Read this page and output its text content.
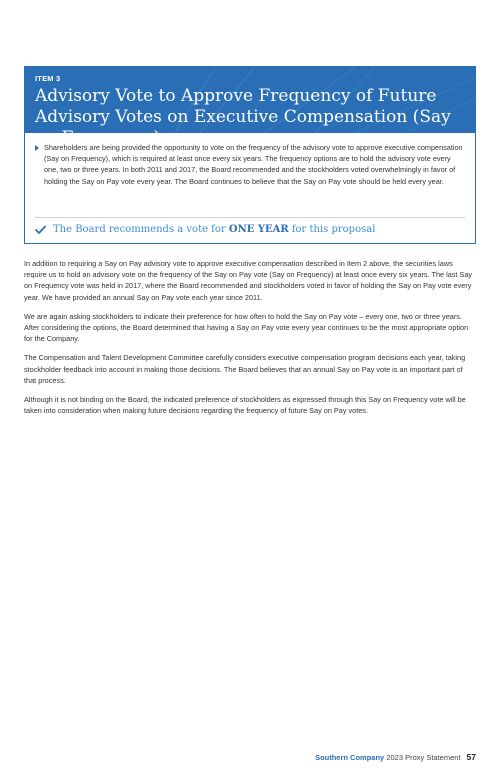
ITEM 3
Advisory Vote to Approve Frequency of Future Advisory Votes on Executive Compensation (Say on Frequency)
Shareholders are being provided the opportunity to vote on the frequency of the advisory vote to approve executive compensation (Say on Frequency), which is required at least once every six years. The frequency options are to hold the advisory vote every one, two or three years. In both 2011 and 2017, the Board recommended and the stockholders voted overwhelmingly in favor of holding the Say on Pay vote every year. The Board continues to believe that the Say on Pay vote should be held every year.
The Board recommends a vote for ONE YEAR for this proposal

In addition to requiring a Say on Pay advisory vote to approve executive compensation described in Item 2 above, the securities laws require us to hold an advisory vote on the frequency of the Say on Pay vote (Say on Frequency) at least once every six years. The last Say on Frequency vote was held in 2017, where the Board recommended and stockholders voted in favor of holding the Say on Pay vote every year. We have provided an annual Say on Pay vote each year since 2011.

We are again asking stockholders to indicate their preference for how often to hold the Say on Pay vote – every one, two or three years. After considering the options, the Board determined that having a Say on Pay vote every year continues to be the most appropriate option for the Company.

The Compensation and Talent Development Committee carefully considers executive compensation program decisions each year, taking stockholder feedback into account in making those decisions. The Board believes that an annual Say on Pay vote is an important part of that process.

Although it is not binding on the Board, the indicated preference of stockholders as expressed through this Say on Frequency vote will be taken into consideration when making future decisions regarding the frequency of future Say on Pay votes.

Southern Company 2023 Proxy Statement 57
